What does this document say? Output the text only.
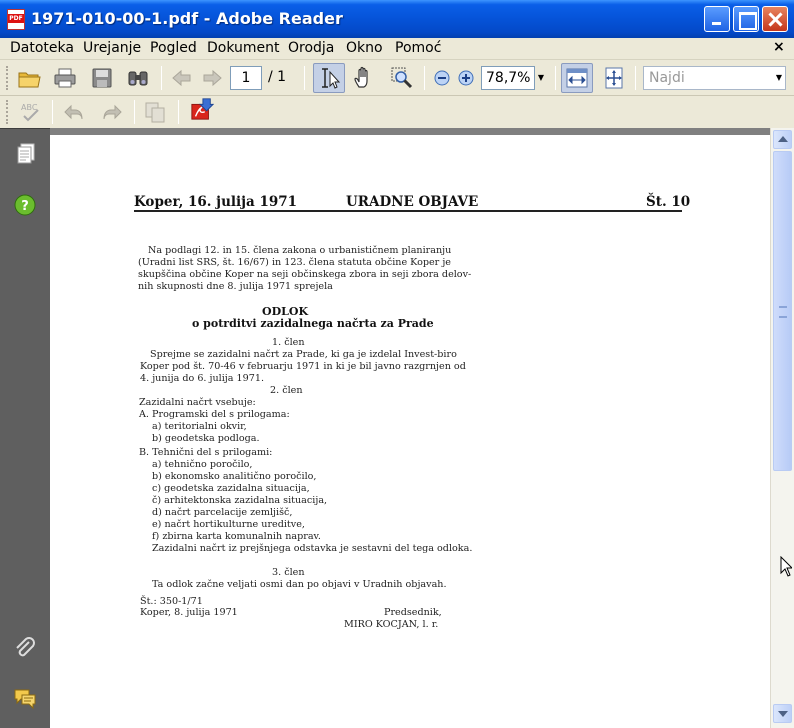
PDF
1971-010-00-1.pdf - Adobe Reader
Datoteka Urejanje Pogled Dokument Orodja Okno Pomoć	×
1	/ 1	78,7% ▼	Najdi	▼
ABC
?	Koper, 16. julija 1971	URADNE OBJAVE	Št. 10
Na podlagi 12. in 15. člena zakona o urbanističnem planiranju
(Uradni list SRS, št. 16/67) in 123. člena statuta občine Koper je
skupščina občine Koper na seji občinskega zbora in seji zbora delov-
nih skupnosti dne 8. julija 1971 sprejela
ODLOK
o potrditvi zazidalnega načrta za Prade
1. člen
Sprejme se zazidalni načrt za Prade, ki ga je izdelal Invest-biro
Koper pod št. 70-46 v februarju 1971 in ki je bil javno razgrnjen od
4. junija do 6. julija 1971.
2. člen
Zazidalni načrt vsebuje:
A. Programski del s prilogama:
a) teritorialni okvir,
b) geodetska podloga.
B. Tehnični del s prilogami:
a) tehnično poročilo,
b) ekonomsko analitično poročilo,
c) geodetska zazidalna situacija,
č) arhitektonska zazidalna situacija,
d) načrt parcelacije zemljišč,
e) načrt hortikulturne ureditve,
f) zbirna karta komunalnih naprav.
Zazidalni načrt iz prejšnjega odstavka je sestavni del tega odloka.
3. člen
Ta odlok začne veljati osmi dan po objavi v Uradnih objavah.
Št.: 350-1/71
Koper, 8. julija 1971	Predsednik,
MIRO KOCJAN, l. r.
